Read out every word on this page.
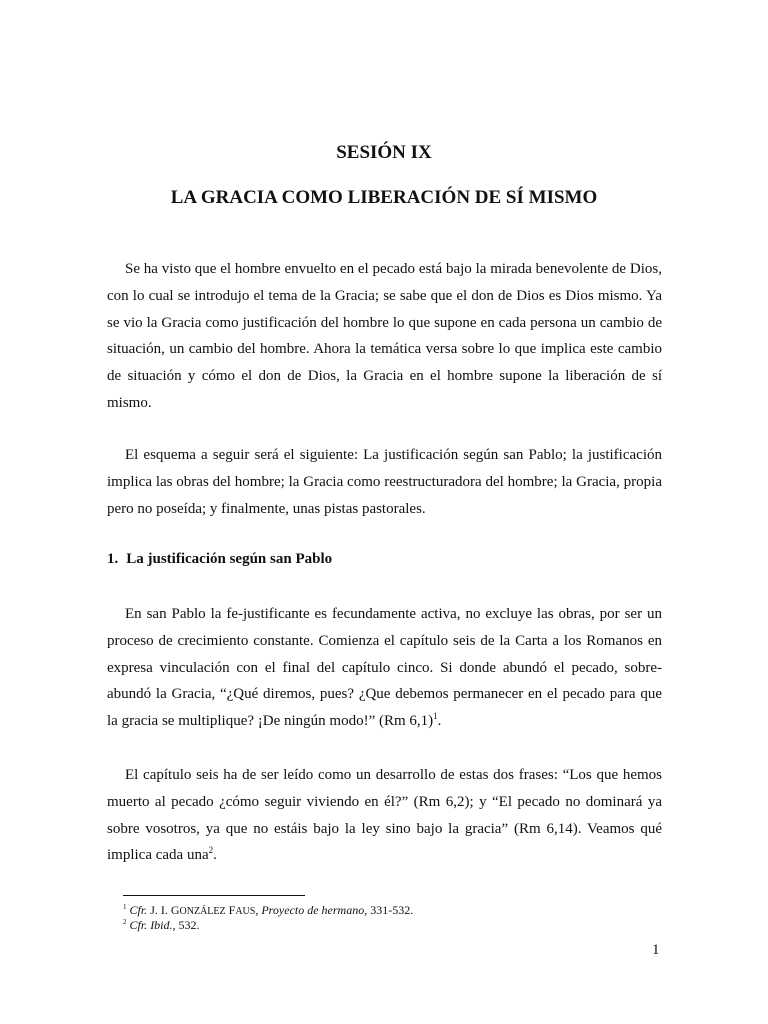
SESIÓN IX
LA GRACIA COMO LIBERACIÓN DE SÍ MISMO

Se ha visto que el hombre envuelto en el pecado está bajo la mirada benevolente de Dios, con lo cual se introdujo el tema de la Gracia; se sabe que el don de Dios es Dios mismo. Ya se vio la Gracia como justificación del hombre lo que supone en cada persona un cambio de situación, un cambio del hombre. Ahora la temática versa sobre lo que implica este cambio de situación y cómo el don de Dios, la Gracia en el hombre supone la liberación de sí mismo.

El esquema a seguir será el siguiente: La justificación según san Pablo; la justificación implica las obras del hombre; la Gracia como reestructuradora del hombre; la Gracia, propia pero no poseída; y finalmente, unas pistas pastorales.

1. La justificación según san Pablo

En san Pablo la fe-justificante es fecundamente activa, no excluye las obras, por ser un proceso de crecimiento constante. Comienza el capítulo seis de la Carta a los Romanos en expresa vinculación con el final del capítulo cinco. Si donde abundó el pecado, sobre-abundó la Gracia, “¿Qué diremos, pues? ¿Que debemos permanecer en el pecado para que la gracia se multiplique? ¡De ningún modo!” (Rm 6,1)$^1$.

El capítulo seis ha de ser leído como un desarrollo de estas dos frases: “Los que hemos muerto al pecado ¿cómo seguir viviendo en él?” (Rm 6,2); y “El pecado no dominará ya sobre vosotros, ya que no estáis bajo la ley sino bajo la gracia” (Rm 6,14). Veamos qué implica cada una$^2$.

$^1$ Cfr. J. I. GONZÁLEZ FAUS, Proyecto de hermano, 331-532.

$^2$ Cfr. Ibid., 532.

1
